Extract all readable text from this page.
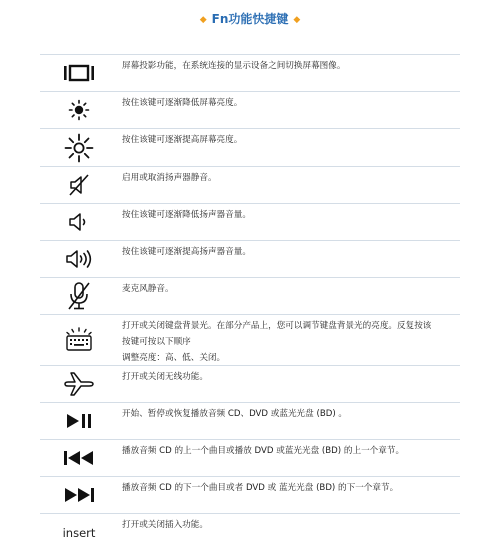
◆ Fn功能快捷键 ◆
屏幕投影功能，在系统连接的显示设备之间切换屏幕图像。
按住该键可逐渐降低屏幕亮度。
按住该键可逐渐提高屏幕亮度。
启用或取消扬声器静音。
按住该键可逐渐降低扬声器音量。
按住该键可逐渐提高扬声器音量。
麦克风静音。
打开或关闭键盘背景光。在部分产品上，您可以调节键盘背景光的亮度。反复按该
按键可按以下顺序
调整亮度：高、低、关闭。
打开或关闭无线功能。
开始、暂停或恢复播放音频 CD、DVD 或蓝光光盘 (BD) 。
播放音频 CD 的上一个曲目或播放 DVD 或蓝光光盘 (BD) 的上一个章节。
播放音频 CD 的下一个曲目或者 DVD 或 蓝光光盘 (BD) 的下一个章节。
insert
打开或关闭插入功能。
